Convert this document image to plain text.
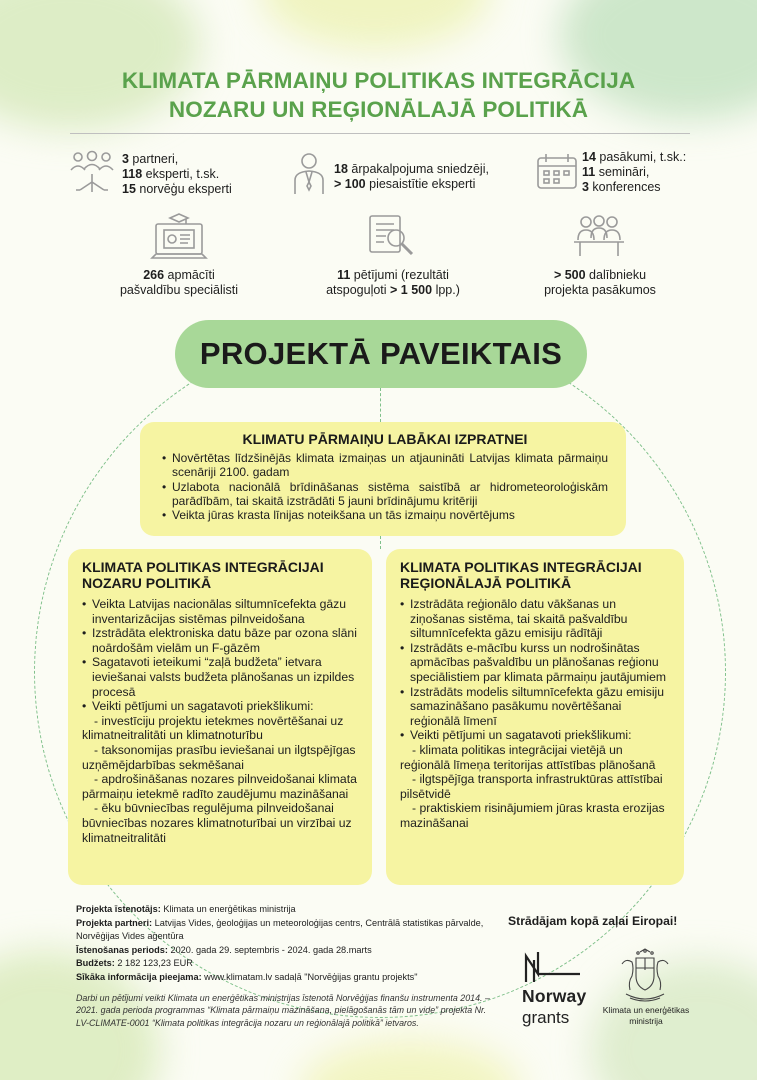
KLIMATA PĀRMAIŅU POLITIKAS INTEGRĀCIJA
NOZARU UN REĢIONĀLAJĀ POLITIKĀ
3 partneri,
118 eksperti, t.sk.
15 norvēģu eksperti
18 ārpakalpojuma sniedzēji,
> 100 piesaistītie eksperti
14 pasākumi, t.sk.:
11 semināri,
3 konferences
266 apmācīti
pašvaldību speciālisti
11 pētījumi (rezultāti
atspoguļoti > 1 500 lpp.)
> 500 dalībnieku
projekta pasākumos
PROJEKTĀ PAVEIKTAIS
KLIMATU PĀRMAIŅU LABĀKAI IZPRATNEI
• Novērtētas līdzšinējās klimata izmaiņas un atjaunināti Latvijas klimata pārmaiņu scenāriji 2100. gadam
• Uzlabota nacionālā brīdināšanas sistēma saistībā ar hidrometeoroloģiskām parādībām, tai skaitā izstrādāti 5 jauni brīdinājumu kritēriji
• Veikta jūras krasta līnijas noteikšana un tās izmaiņu novērtējums
KLIMATA POLITIKAS INTEGRĀCIJAI
NOZARU POLITIKĀ
• Veikta Latvijas nacionālas siltumnīcefekta gāzu inventarizācijas sistēmas pilnveidošana
• Izstrādāta elektroniska datu bāze par ozona slāni noārdošām vielām un F-gāzēm
• Sagatavoti ieteikumi “zaļā budžeta” ietvara ieviešanai valsts budžeta plānošanas un izpildes procesā
• Veikti pētījumi un sagatavoti priekšlikumi:
- investīciju projektu ietekmes novērtēšanai uz klimatneitralitāti un klimatnoturību
- taksonomijas prasību ieviešanai un ilgtspējīgas uzņēmējdarbības sekmēšanai
- apdrošināšanas nozares pilnveidošanai klimata pārmaiņu ietekmē radīto zaudējumu mazināšanai
- ēku būvniecības regulējuma pilnveidošanai būvniecības nozares klimatnoturībai un virzībai uz klimatneitralitāti
KLIMATA POLITIKAS INTEGRĀCIJAI
REĢIONĀLAJĀ POLITIKĀ
• Izstrādāta reģionālo datu vākšanas un ziņošanas sistēma, tai skaitā pašvaldību siltumnīcefekta gāzu emisiju rādītāji
• Izstrādāts e-mācību kurss un nodrošinātas apmācības pašvaldību un plānošanas reģionu speciālistiem par klimata pārmaiņu jautājumiem
• Izstrādāts modelis siltumnīcefekta gāzu emisiju samazināšano pasākumu novērtēšanai reģionālā līmenī
• Veikti pētījumi un sagatavoti priekšlikumi:
- klimata politikas integrācijai vietējā un reģionālā līmeņa teritorijas attīstības plānošanā
- ilgtspējīga transporta infrastruktūras attīstībai pilsētvidē
- praktiskiem risinājumiem jūras krasta erozijas mazināšanai
Projekta īstenotājs: Klimata un enerģētikas ministrija
Projekta partneri: Latvijas Vides, ģeoloģijas un meteoroloģijas centrs, Centrālā statistikas pārvalde, Norvēģijas Vides aģentūra
Īstenošanas periods: 2020. gada 29. septembris - 2024. gada 28.marts
Budžets: 2 182 123,23 EUR
Sīkāka informācija pieejama: www.klimatam.lv sadaļā "Norvēģijas grantu projekts"
Darbi un pētījumi veikti Klimata un enerģētikas ministrijas īstenotā Norvēģijas finanšu instrumenta 2014. – 2021. gada perioda programmas “Klimata pārmaiņu mazināšana, pielāgošanās tām un vide” projekta Nr. LV-CLIMATE-0001 “Klimata politikas integrācija nozaru un reģionālajā politikā” ietvaros.
Strādājam kopā zaļai Eiropai!
Norway
grants	Klimata un enerģētikas
ministrija
